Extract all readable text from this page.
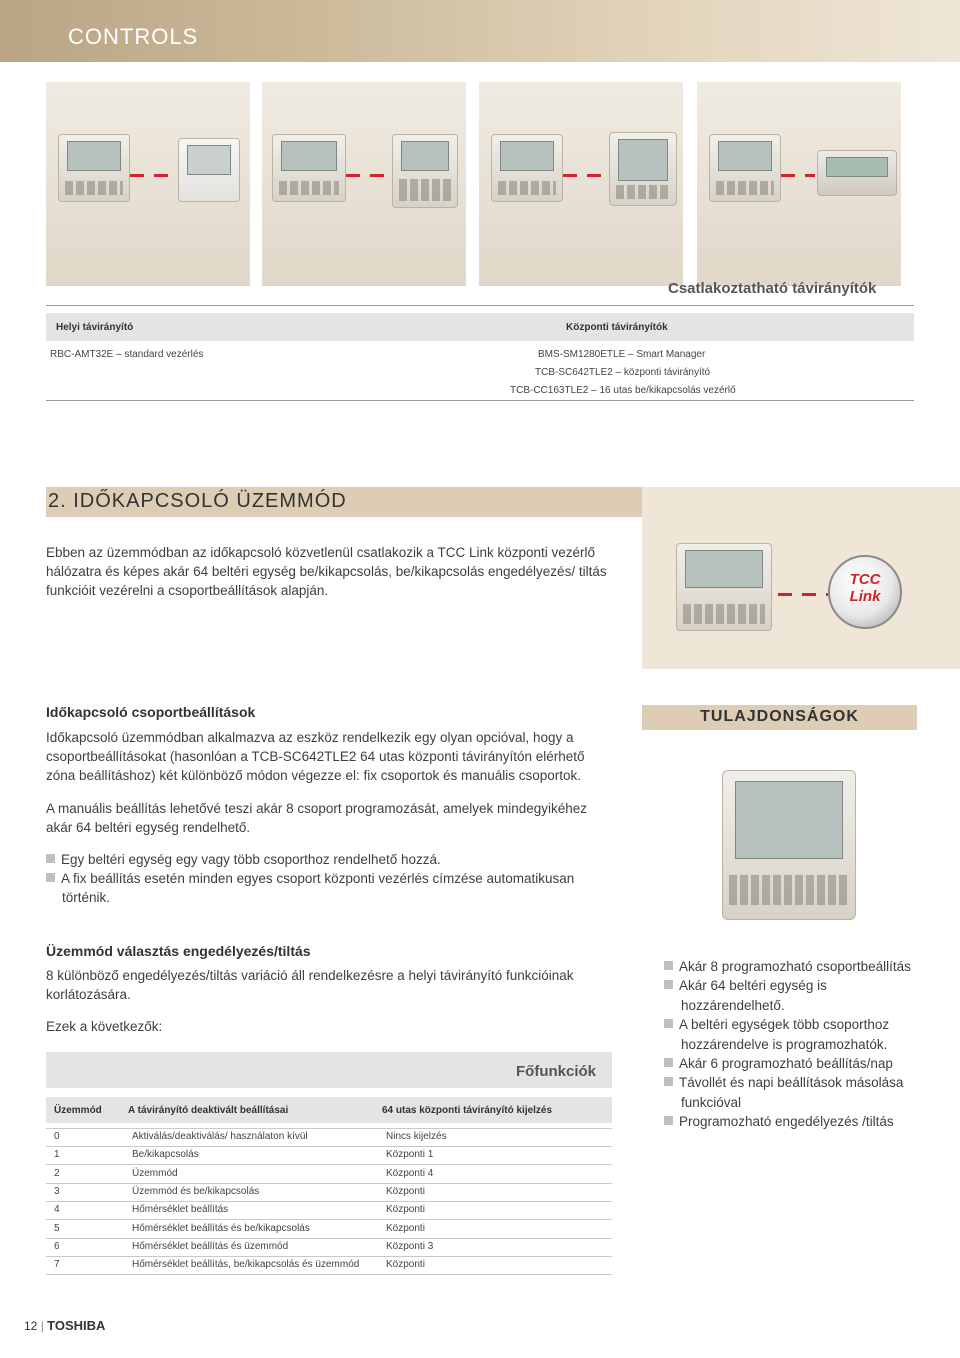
CONTROLS
Csatlakoztatható távirányítók
Helyi távirányító	Központi távirányítók
RBC-AMT32E – standard vezérlés	BMS-SM1280ETLE – Smart Manager
TCB-SC642TLE2 – központi távirányító
TCB-CC163TLE2 – 16 utas be/kikapcsolás vezérlő
2. IDŐKAPCSOLÓ ÜZEMMÓD
TCC
Link

Ebben az üzemmódban az időkapcsoló közvetlenül csatlakozik a TCC Link központi vezérlő hálózatra és képes akár 64 beltéri egység be/kikapcsolás, be/kikapcsolás engedélyezés/ tiltás funkcióit vezérelni a csoportbeállítások alapján.

Időkapcsoló csoportbeállítások

Időkapcsoló üzemmódban alkalmazva az eszköz rendelkezik egy olyan opcióval, hogy a csoportbeállításokat (hasonlóan a TCB-SC642TLE2 64 utas központi távirányítón elérhető zóna beállításhoz) két különböző módon végezze el: fix csoportok és manuális csoportok.

A manuális beállítás lehetővé teszi akár 8 csoport programozását, amelyek mindegyikéhez akár 64 beltéri egység rendelhető.

Egy beltéri egység egy vagy több csoporthoz rendelhető hozzá.
A fix beállítás esetén minden egyes csoport központi vezérlés címzése automatikusan történik.
TULAJDONSÁGOK
Akár 8 programozható csoportbeállítás
Akár 64 beltéri egység is hozzárendelhető.
A beltéri egységek több csoporthoz hozzárendelve is programozhatók.
Akár 6 programozható beállítás/nap
Távollét és napi beállítások másolása funkcióval
Programozható engedélyezés /tiltás
Üzemmód választás engedélyezés/tiltás

8 különböző engedélyezés/tiltás variáció áll rendelkezésre a helyi távirányító funkcióinak korlátozására.

Ezek a következők:

Főfunkciók
Üzemmód	A távirányító deaktivált beállításai	64 utas központi távirányító kijelzés
0	Aktiválás/deaktiválás/ használaton kívül	Nincs kijelzés
1	Be/kikapcsolás	Központi 1
2	Üzemmód	Központi 4
3	Üzemmód és be/kikapcsolás	Központi
4	Hőmérséklet beállítás	Központi
5	Hőmérséklet beállítás és be/kikapcsolás	Központi
6	Hőmérséklet beállítás és üzemmód	Központi 3
7	Hőmérséklet beállítás, be/kikapcsolás és üzemmód	Központi
12 | TOSHIBA
